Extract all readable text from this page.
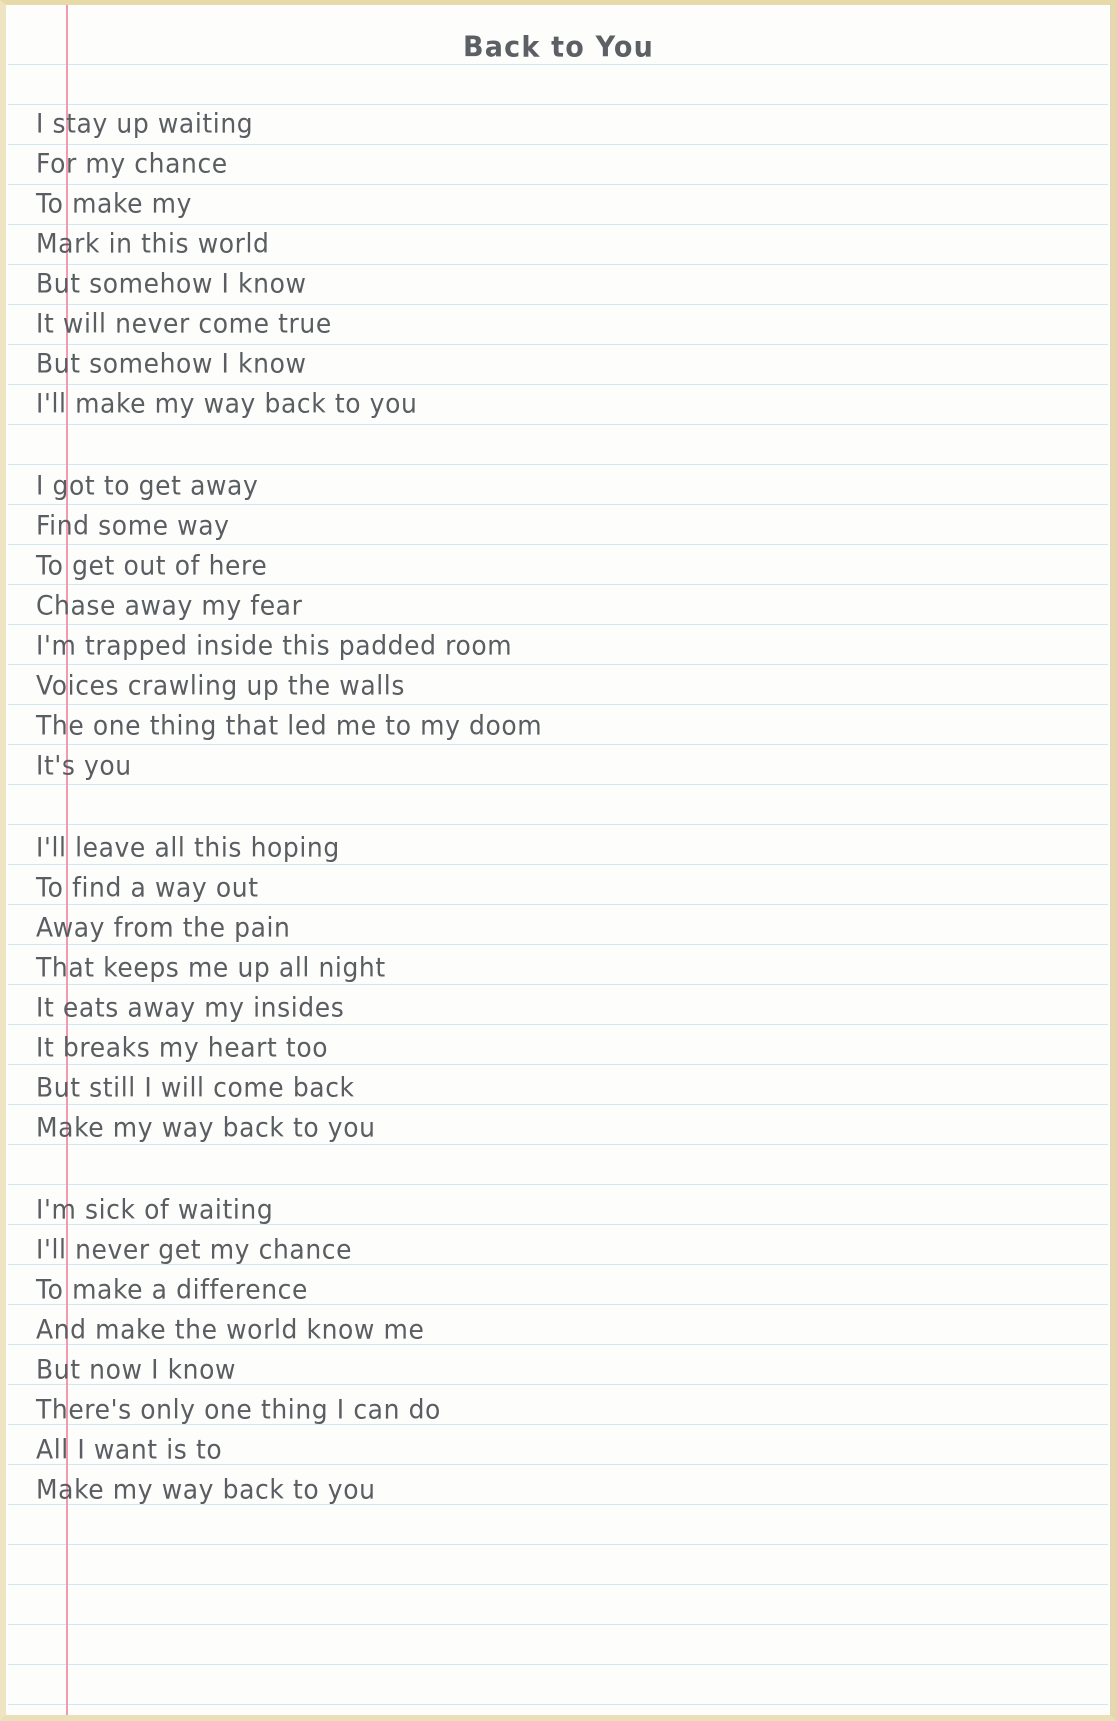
Back to You
I stay up waiting
For my chance
To make my
Mark in this world
But somehow I know
It will never come true
But somehow I know
I'll make my way back to you
I got to get away
Find some way
To get out of here
Chase away my fear
I'm trapped inside this padded room
Voices crawling up the walls
The one thing that led me to my doom
It's you
I'll leave all this hoping
To find a way out
Away from the pain
That keeps me up all night
It eats away my insides
It breaks my heart too
But still I will come back
Make my way back to you
I'm sick of waiting
I'll never get my chance
To make a difference
And make the world know me
But now I know
There's only one thing I can do
All I want is to
Make my way back to you
